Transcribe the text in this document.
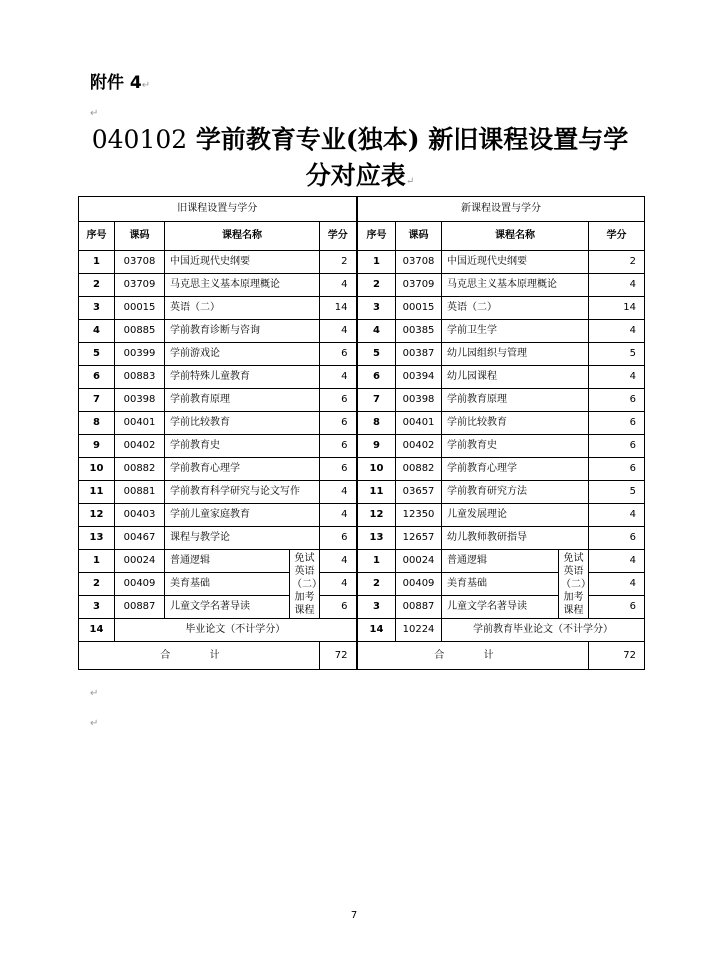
附件 4↵
↵
040102 学前教育专业(独本) 新旧课程设置与学
分对应表↵
旧课程设置与学分					新课程设置与学分				
序号	课码	课程名称		学分		序号	课码	课程名称		学分
1	03708	中国近现代史纲要		2		1	03708	中国近现代史纲要		2
2	03709	马克思主义基本原理概论		4		2	03709	马克思主义基本原理概论		4
3	00015	英语（二）		14		3	00015	英语（二）		14
4	00885	学前教育诊断与咨询		4		4	00385	学前卫生学		4
5	00399	学前游戏论		6		5	00387	幼儿园组织与管理		5
6	00883	学前特殊儿童教育		4		6	00394	幼儿园课程		4
7	00398	学前教育原理		6		7	00398	学前教育原理		6
8	00401	学前比较教育		6		8	00401	学前比较教育		6
9	00402	学前教育史		6		9	00402	学前教育史		6
10	00882	学前教育心理学		6		10	00882	学前教育心理学		6
11	00881	学前教育科学研究与论文写作		4		11	03657	学前教育研究方法		5
12	00403	学前儿童家庭教育		4		12	12350	儿童发展理论		4
13	00467	课程与教学论		6		13	12657	幼儿教师教研指导		6
1	00024	普通逻辑	免试英语（二）加考课程	4		1	00024	普通逻辑	免试英语（二）加考课程	4
2	00409	美育基础		4		2	00409	美育基础		4
3	00887	儿童文学名著导读		6		3	00887	儿童文学名著导读		6
14	毕业论文（不计学分）				14	10224	学前教育毕业论文（不计学分）		
合 计				72		合 计				72
↵
↵
7
